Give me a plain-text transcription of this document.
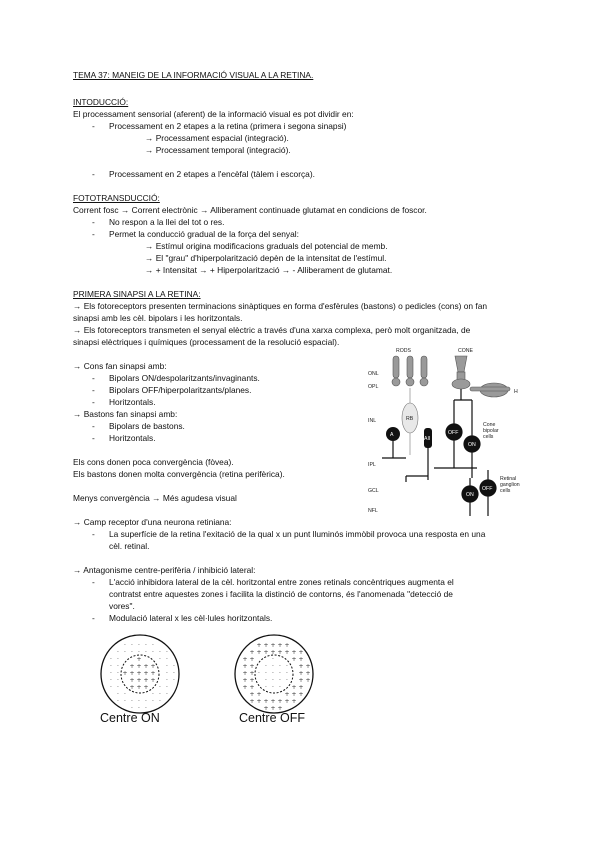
TEMA 37: MANEIG DE LA INFORMACIÓ VISUAL A LA RETINA.
INTODUCCIÓ:
El processament sensorial (aferent) de la informació visual es pot dividir en:
- Processament en 2 etapes a la retina (primera i segona sinapsi)
→ Processament espacial (integració).
→ Processament temporal (integració).
- Processament en 2 etapes a l'encèfal (tàlem i escorça).
FOTOTRANSDUCCIÓ:
Corrent fosc → Corrent electrònic → Alliberament continuade glutamat en condicions de foscor.
- No respon a la llei del tot o res.
- Permet la conducció gradual de la força del senyal:
→ Estímul origina modificacions graduals del potencial de memb.
→ El "grau" d'hiperpolarització depèn de la intensitat de l'estímul.
→ + Intensitat → + Hiperpolarització → - Alliberament de glutamat.
PRIMERA SINAPSI A LA RETINA:
→ Els fotoreceptors presenten terminacions sinàptiques en forma d'esfèrules (bastons) o pedicles (cons) on fan
sinapsi amb les cèl. bipolars i les horitzontals.
→ Els fotoreceptors transmeten el senyal elèctric a través d'una xarxa complexa, però molt organitzada, de
sinapsi elèctriques i químiques (processament de la resolució espacial).
→ Cons fan sinapsi amb:
- Bipolars ON/despolaritzants/invaginants.
- Bipolars OFF/hiperpolaritzants/planes.
- Horitzontals.
→ Bastons fan sinapsi amb:
- Bipolars de bastons.
- Horitzontals.
Els cons donen poca convergència (fòvea).
Els bastons donen molta convergència (retina perifèrica).
Menys convergència → Més agudesa visual
→ Camp receptor d'una neurona retiniana:
- La superfície de la retina l'exitació de la qual x un punt lluminós immòbil provoca una resposta en una
cèl. retinal.
→ Antagonisme centre-perifèria / inhibició lateral:
- L'acció inhibidora lateral de la cèl. horitzontal entre zones retinals concèntriques augmenta el
contratst entre aquestes zones i facilita la distinció de contorns, és l'anomenada "detecció de
vores".
- Modulació lateral x les cèl·lules horitzontals.
RODS	CONE
ONL
OPL
INL
IPL
GCL
NFL
H
RB
A
AII
OFF
ON
Cone
bipolar
cells
ON
OFF
Retinal
ganglion
cells
· · · · ·
· · · · · · · ·
· ·	+	· ·
· · + + + + · ·
· · + + + + + · ·
· · + + + + · ·
· · + + + · ·
· ·	· · ·
· · · · · · ·
· · ·
Centre ON
+ + + + +
+ + + + + + + +
+ +	·	+ +
+ + · · · · + +
+ + · · · · · + +
+ + · · · · + +
+ + · · · + +
+ +	+ + +
+ + + + + + +
+ + +
Centre OFF
